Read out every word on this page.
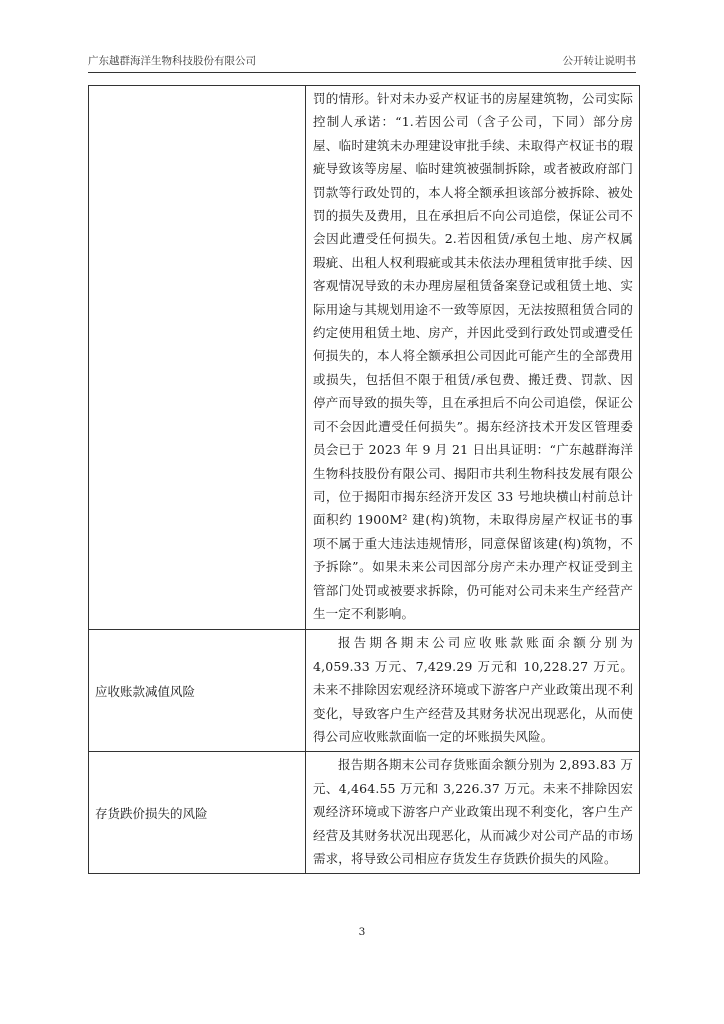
广东越群海洋生物科技股份有限公司	公开转让说明书

	罚的情形。针对未办妥产权证书的房屋建筑物，公司实际控制人承诺：“1.若因公司（含子公司，下同）部分房屋、临时建筑未办理建设审批手续、未取得产权证书的瑕疵导致该等房屋、临时建筑被强制拆除，或者被政府部门罚款等行政处罚的，本人将全额承担该部分被拆除、被处罚的损失及费用，且在承担后不向公司追偿，保证公司不会因此遭受任何损失。2.若因租赁/承包土地、房产权属瑕疵、出租人权利瑕疵或其未依法办理租赁审批手续、因客观情况导致的未办理房屋租赁备案登记或租赁土地、实际用途与其规划用途不一致等原因，无法按照租赁合同的约定使用租赁土地、房产，并因此受到行政处罚或遭受任何损失的，本人将全额承担公司因此可能产生的全部费用或损失，包括但不限于租赁/承包费、搬迁费、罚款、因停产而导致的损失等，且在承担后不向公司追偿，保证公司不会因此遭受任何损失”。揭东经济技术开发区管理委员会已于 2023 年 9 月 21 日出具证明：“广东越群海洋生物科技股份有限公司、揭阳市共利生物科技发展有限公司，位于揭阳市揭东经济开发区 33 号地块横山村前总计面积约 1900M² 建(构)筑物，未取得房屋产权证书的事项不属于重大违法违规情形，同意保留该建(构)筑物，不予拆除”。如果未来公司因部分房产未办理产权证受到主管部门处罚或被要求拆除，仍可能对公司未来生产经营产生一定不利影响。

应收账款减值风险	报告期各期末公司应收账款账面余额分别为 4,059.33 万元、7,429.29 万元和 10,228.27 万元。未来不排除因宏观经济环境或下游客户产业政策出现不利变化，导致客户生产经营及其财务状况出现恶化，从而使得公司应收账款面临一定的坏账损失风险。

存货跌价损失的风险	报告期各期末公司存货账面余额分别为 2,893.83 万元、4,464.55 万元和 3,226.37 万元。未来不排除因宏观经济环境或下游客户产业政策出现不利变化，客户生产经营及其财务状况出现恶化，从而减少对公司产品的市场需求，将导致公司相应存货发生存货跌价损失的风险。

3
